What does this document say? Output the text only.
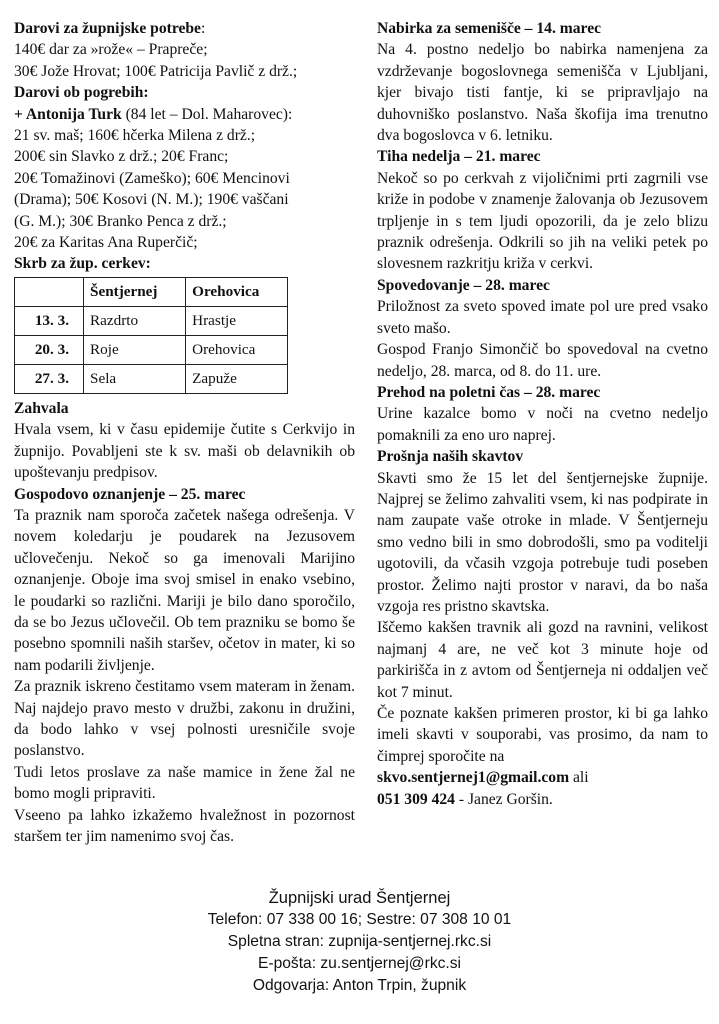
Darovi za župnijske potrebe:

140€ dar za »rože« – Prapreče;

30€ Jože Hrovat; 100€ Patricija Pavlič z drž.;

Darovi ob pogrebih:

+ Antonija Turk (84 let – Dol. Maharovec):

21 sv. maš; 160€ hčerka Milena z drž.;

200€ sin Slavko z drž.; 20€ Franc;

20€ Tomažinovi (Zameško); 60€ Mencinovi

(Drama); 50€ Kosovi (N. M.); 190€ vaščani

(G. M.); 30€ Branko Penca z drž.;

20€ za Karitas Ana Ruperčič;

Skrb za žup. cerkev:

	Šentjernej	Orehovica
13. 3.	Razdrto	Hrastje
20. 3.	Roje	Orehovica
27. 3.	Sela	Zapuže

Zahvala

Hvala vsem, ki v času epidemije čutite s Cerkvijo in župnijo. Povabljeni ste k sv. maši ob delavnikih ob upoštevanju predpisov.

Gospodovo oznanjenje – 25. marec

Ta praznik nam sporoča začetek našega odrešenja. V novem koledarju je poudarek na Jezusovem učlovečenju. Nekoč so ga imenovali Marijino oznanjenje. Oboje ima svoj smisel in enako vsebino, le poudarki so različni. Mariji je bilo dano sporočilo, da se bo Jezus učlovečil. Ob tem prazniku se bomo še posebno spomnili naših staršev, očetov in mater, ki so nam podarili življenje.

Za praznik iskreno čestitamo vsem materam in ženam. Naj najdejo pravo mesto v družbi, zakonu in družini, da bodo lahko v vsej polnosti uresničile svoje poslanstvo.

Tudi letos proslave za naše mamice in žene žal ne bomo mogli pripraviti.

Vseeno pa lahko izkažemo hvaležnost in pozornost staršem ter jim namenimo svoj čas.

Nabirka za semenišče – 14. marec

Na 4. postno nedeljo bo nabirka namenjena za vzdrževanje bogoslovnega semenišča v Ljubljani, kjer bivajo tisti fantje, ki se pripravljajo na duhovniško poslanstvo. Naša škofija ima trenutno dva bogoslovca v 6. letniku.

Tiha nedelja – 21. marec

Nekoč so po cerkvah z vijoličnimi prti zagrnili vse križe in podobe v znamenje žalovanja ob Jezusovem trpljenje in s tem ljudi opozorili, da je zelo blizu praznik odrešenja. Odkrili so jih na veliki petek po slovesnem razkritju križa v cerkvi.

Spovedovanje – 28. marec

Priložnost za sveto spoved imate pol ure pred vsako sveto mašo.

Gospod Franjo Simončič bo spovedoval na cvetno nedeljo, 28. marca, od 8. do 11. ure.

Prehod na poletni čas – 28. marec

Urine kazalce bomo v noči na cvetno nedeljo pomaknili za eno uro naprej.

Prošnja naših skavtov

Skavti smo že 15 let del šentjernejske župnije. Najprej se želimo zahvaliti vsem, ki nas podpirate in nam zaupate vaše otroke in mlade. V Šentjerneju smo vedno bili in smo dobrodošli, smo pa voditelji ugotovili, da včasih vzgoja potrebuje tudi poseben prostor. Želimo najti prostor v naravi, da bo naša vzgoja res pristno skavtska.

Iščemo kakšen travnik ali gozd na ravnini, velikost najmanj 4 are, ne več kot 3 minute hoje od parkirišča in z avtom od Šentjerneja ni oddaljen več kot 7 minut.

Če poznate kakšen primeren prostor, ki bi ga lahko imeli skavti v souporabi, vas prosimo, da nam to čimprej sporočite na

skvo.sentjernej1@gmail.com ali

051 309 424 - Janez Goršin.

Župnijski urad Šentjernej
Telefon: 07 338 00 16; Sestre: 07 308 10 01
Spletna stran: zupnija-sentjernej.rkc.si
E-pošta: zu.sentjernej@rkc.si
Odgovarja: Anton Trpin, župnik
